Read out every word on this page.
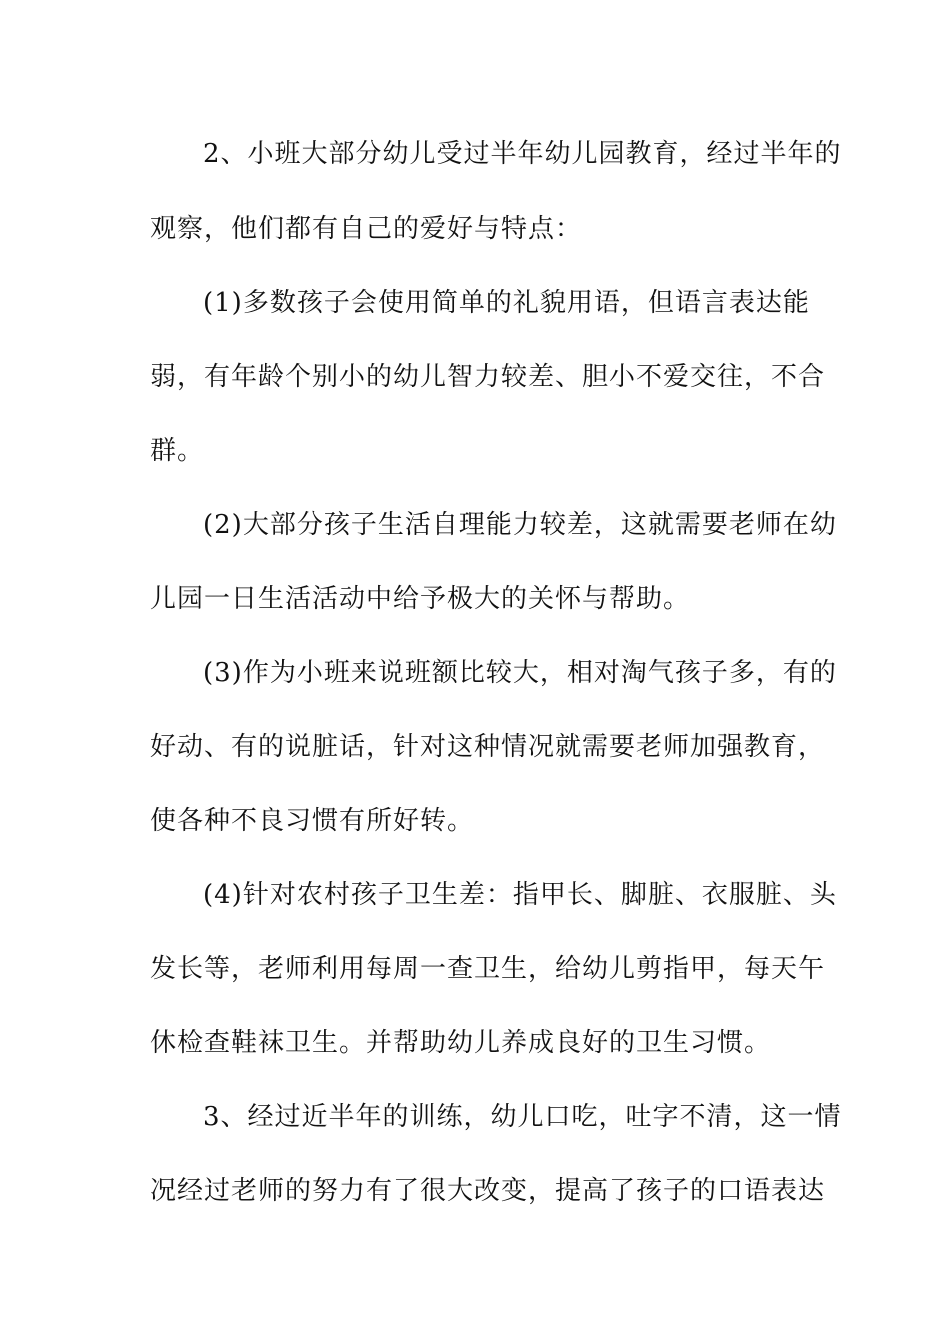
2、小班大部分幼儿受过半年幼儿园教育，经过半年的
观察，他们都有自己的爱好与特点：
(1)多数孩子会使用简单的礼貌用语，但语言表达能
弱，有年龄个别小的幼儿智力较差、胆小不爱交往，不合
群。
(2)大部分孩子生活自理能力较差，这就需要老师在幼
儿园一日生活活动中给予极大的关怀与帮助。
(3)作为小班来说班额比较大，相对淘气孩子多，有的
好动、有的说脏话，针对这种情况就需要老师加强教育，
使各种不良习惯有所好转。
(4)针对农村孩子卫生差：指甲长、脚脏、衣服脏、头
发长等，老师利用每周一查卫生，给幼儿剪指甲，每天午
休检查鞋袜卫生。并帮助幼儿养成良好的卫生习惯。
3、经过近半年的训练，幼儿口吃，吐字不清，这一情
况经过老师的努力有了很大改变，提高了孩子的口语表达
